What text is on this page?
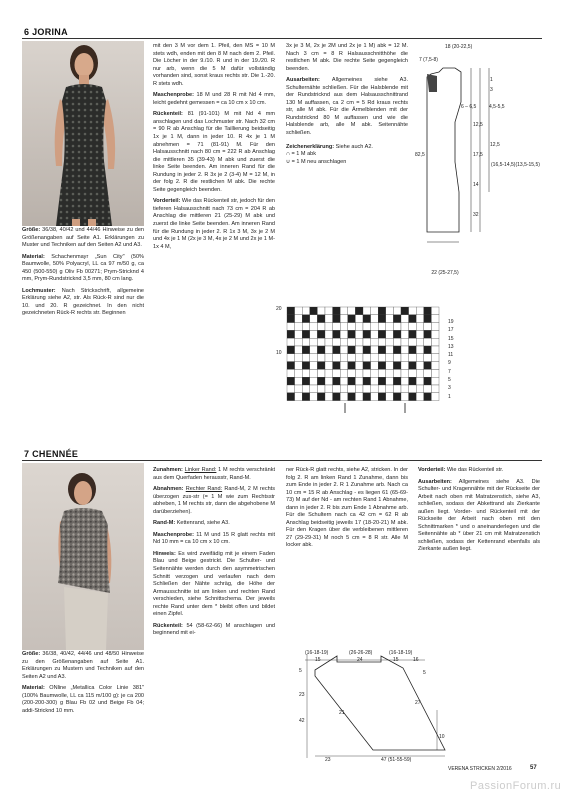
6 JORINA

Größe: 36/38, 40/42 und 44/46 Hinweise zu den Größenangaben auf Seite A1. Erklärungen zu Muster und Techniken auf den Seiten A2 und A3.

Material: Schachenmayr „Sun City" (50% Baumwolle, 50% Polyacryl, LL ca 97 m/50 g, ca 450 (500-550) g Oliv Fb 00271; Prym-Stricknd 4 mm, Prym-Rundstricknd 3,5 mm, 80 cm lang.

Lochmuster: Nach Strickschrift, allgemeine Erklärung siehe A2, str. Als Rück-R sind nur die 10. und 20. R gezeichnet. In den nicht gezeichneten Rück-R rechts str. Beginnen

mit den 3 M vor dem 1. Pfeil, den MS = 10 M stets wdh, enden mit den 8 M nach dem 2. Pfeil. Die Löcher in der 9./10. R und in der 19./20. R nur arb, wenn die 5 M dafür vollständig vorhanden sind, sonst kraus rechts str. Die 1.-20. R stets wdh.

Maschenprobe: 18 M und 28 R mit Nd 4 mm, leicht gedehnt gemessen = ca 10 cm x 10 cm.

Rückenteil: 81 (91-101) M mit Nd 4 mm anschlagen und das Lochmuster str. Nach 32 cm = 90 R ab Anschlag für die Taillierung beidseitig 1x je 1 M, dann in jeder 10. R 4x je 1 M abnehmen = 71 (81-91) M. Für den Halsausschnitt nach 80 cm = 222 R ab Anschlag die mittleren 35 (39-43) M abk und zuerst die linke Seite beenden. Am inneren Rand für die Rundung in jeder 2. R 3x je 2 (3-4) M = 12 M, in der folg 2. R die restlichen M abk. Die rechte Seite gegengleich beenden.

Vorderteil: Wie das Rückenteil str, jedoch für den tieferen Halsausschnitt nach 73 cm = 204 R ab Anschlag die mittleren 21 (25-29) M abk und zuerst die linke Seite beenden. Am inneren Rand für die Rundung in jeder 2. R 1x 3 M, 3x je 2 M und 4x je 1 M (2x je 3 M, 4x je 2 M und 2x je 1 M-1x 4 M,

3x je 3 M, 2x je 2M und 2x je 1 M) abk = 12 M. Nach 3 cm = 8 R Halsausschnitthöhe die restlichen M abk. Die rechte Seite gegengleich beenden.

Ausarbeiten: Allgemeines siehe A3. Schulternähte schließen. Für die Halsblende mit der Rundstricknd aus dem Halsausschnittrand 130 M auffassen, ca 2 cm = 5 Rd kraus rechts str, alle M abk. Für die Ärmelblenden mit der Rundstricknd 80 M auffassen und wie die Halsblende arb, alle M abk. Seitennähte schließen.

Zeichenerklärung: Siehe auch A2.
∩ = 1 M abk
∪ = 1 M neu anschlagen

22 (25-27,5)
7 (7,5-8)
18 (20-22,5)
6 – 6,5	4,5-5,5
12,5
1
3
12,5
17,5
14
32
82,5
(16,5-14,5)(13,5-15,5)
20
10
19
17
15
13
11
9
7
5
3
1
7 CHENNÉE

Größe: 36/38, 40/42, 44/46 und 48/50 Hinweise zu den Größenangaben auf Seite A1. Erklärungen zu Mustern und Techniken auf den Seiten A2 und A3.

Material: ONline „Metallica Color Linie 381" (100% Baumwolle, LL ca 115 m/100 g): je ca 200 (200-200-300) g Blau Fb 02 und Beige Fb 04; addi-Stricknd 10 mm.

Zunahmen: Linker Rand: 1 M rechts verschränkt aus dem Querfaden herausstr, Rand-M.

Abnahmen: Rechter Rand: Rand-M, 2 M rechts überzogen zus-str (= 1 M wie zum Rechtsstr abheben, 1 M rechts str, dann die abgehobene M darüberziehen).

Rand-M: Kettenrand, siehe A3.

Maschenprobe: 11 M und 15 R glatt rechts mit Nd 10 mm = ca 10 cm x 10 cm.

Hinweis: Es wird zweifädig mit je einem Faden Blau und Beige gestrickt. Die Schulter- und Seitennähte werden durch den asymmetrischen Schnitt verzogen und verlaufen nach dem Schließen der Nähte schräg, die Höhe der Armausschnitte ist am linken und rechten Rand verschieden, siehe Schnittschema. Der jeweils rechte Rand unter dem * bleibt offen und bildet einen Zipfel.

Rückenteil: 54 (58-62-66) M anschlagen und beginnend mit ei-

ner Rück-R glatt rechts, siehe A2, stricken. In der folg 2. R am linken Rand 1 Zunahme, dann bis zum Ende in jeder 2. R 1 Zunahme arb. Nach ca 10 cm = 15 R ab Anschlag - es liegen 61 (65-69-73) M auf der Nd - am rechten Rand 1 Abnahme, dann in jeder 2. R bis zum Ende 1 Abnahme arb. Für die Schultern nach ca 42 cm = 62 R ab Anschlag beidseitig jeweils 17 (18-20-21) M abk. Für den Kragen über die verbleibenen mittleren 27 (29-29-31) M noch 5 cm = 8 R str. Alle M locker abk.

Vorderteil: Wie das Rückenteil str.

Ausarbeiten: Allgemeines siehe A3. Die Schulter- und Kragennähte mit der Rückseite der Arbeit nach oben mit Matratzenstich, siehe A3, schließen, sodass der Abkettrand als Zierkante außen liegt. Vorder- und Rückenteil mit der Rückseite der Arbeit nach oben mit den Schnittmarken * und o aneinanderlegen und die Seitennähte ab * über 21 cm mit Matratzenstich schließen, sodass der Kettenrand ebenfalls als Zierkante außen liegt.

(16-18-19)	(26-26-28)	(16-18-19)
15	24	15	16
5
23
42
21
27
10
5
23	47 (51-55-59)
VERENA STRICKEN 2/2016	57
PassionForum.ru
